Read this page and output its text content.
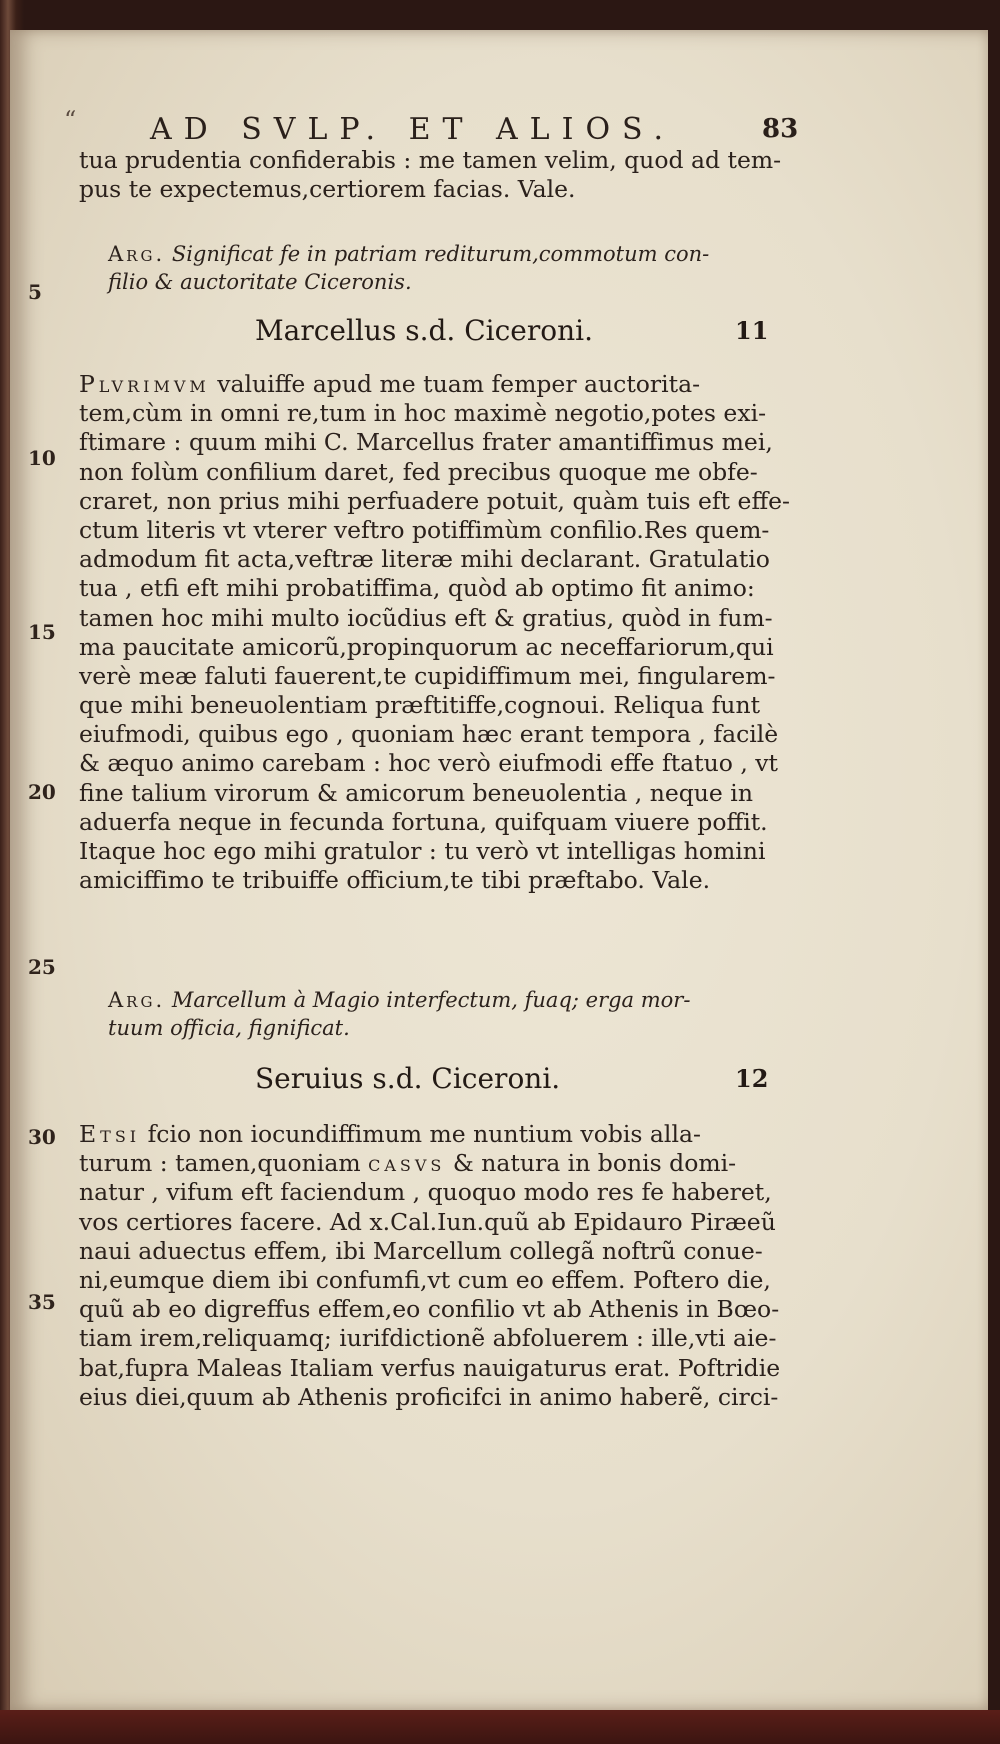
“ AD SVLP. ET ALIOS.	83
tua prudentia confiderabis : me tamen velim, quod ad tem-
pus te expectemus,certiorem facias. Vale.
Arg. Significat fe in patriam rediturum,commotum con-
filio & auctoritate Ciceronis.
Marcellus s.d. Ciceroni.	11
Plvrimvm valuiffe apud me tuam femper auctorita-
tem,cùm in omni re,tum in hoc maximè negotio,potes exi-
ftimare : quum mihi C. Marcellus frater amantiffimus mei,
non folùm confilium daret, fed precibus quoque me obfe-
craret, non prius mihi perfuadere potuit, quàm tuis eft effe-
ctum literis vt vterer veftro potiffimùm confilio.Res quem-
admodum fit acta,veftræ literæ mihi declarant. Gratulatio
tua , etfi eft mihi probatiffima, quòd ab optimo fit animo:
tamen hoc mihi multo iocũdius eft & gratius, quòd in fum-
ma paucitate amicorũ,propinquorum ac neceffariorum,qui
verè meæ faluti fauerent,te cupidiffimum mei, fingularem-
que mihi beneuolentiam præftitiffe,cognoui. Reliqua funt
eiufmodi, quibus ego , quoniam hæc erant tempora , facilè
& æquo animo carebam : hoc verò eiufmodi effe ftatuo , vt
fine talium virorum & amicorum beneuolentia , neque in
aduerfa neque in fecunda fortuna, quifquam viuere poffit.
Itaque hoc ego mihi gratulor : tu verò vt intelligas homini
amiciffimo te tribuiffe officium,te tibi præftabo. Vale.
Arg. Marcellum à Magio interfectum, fuaq; erga mor-
tuum officia, fignificat.
Seruius s.d. Ciceroni.	12
Etsi fcio non iocundiffimum me nuntium vobis alla-
turum : tamen,quoniam casvs & natura in bonis domi-
natur , vifum eft faciendum , quoquo modo res fe haberet,
vos certiores facere. Ad x.Cal.Iun.quũ ab Epidauro Piræeũ
naui aduectus effem, ibi Marcellum collegã noftrũ conue-
ni,eumque diem ibi confumfi,vt cum eo effem. Poftero die,
quũ ab eo digreffus effem,eo confilio vt ab Athenis in Bœo-
tiam irem,reliquamq; iurifdictionẽ abfoluerem : ille,vti aie-
bat,fupra Maleas Italiam verfus nauigaturus erat. Poftridie
eius diei,quum ab Athenis proficifci in animo haberẽ, circi-
5
10
15
20
25
30
35
